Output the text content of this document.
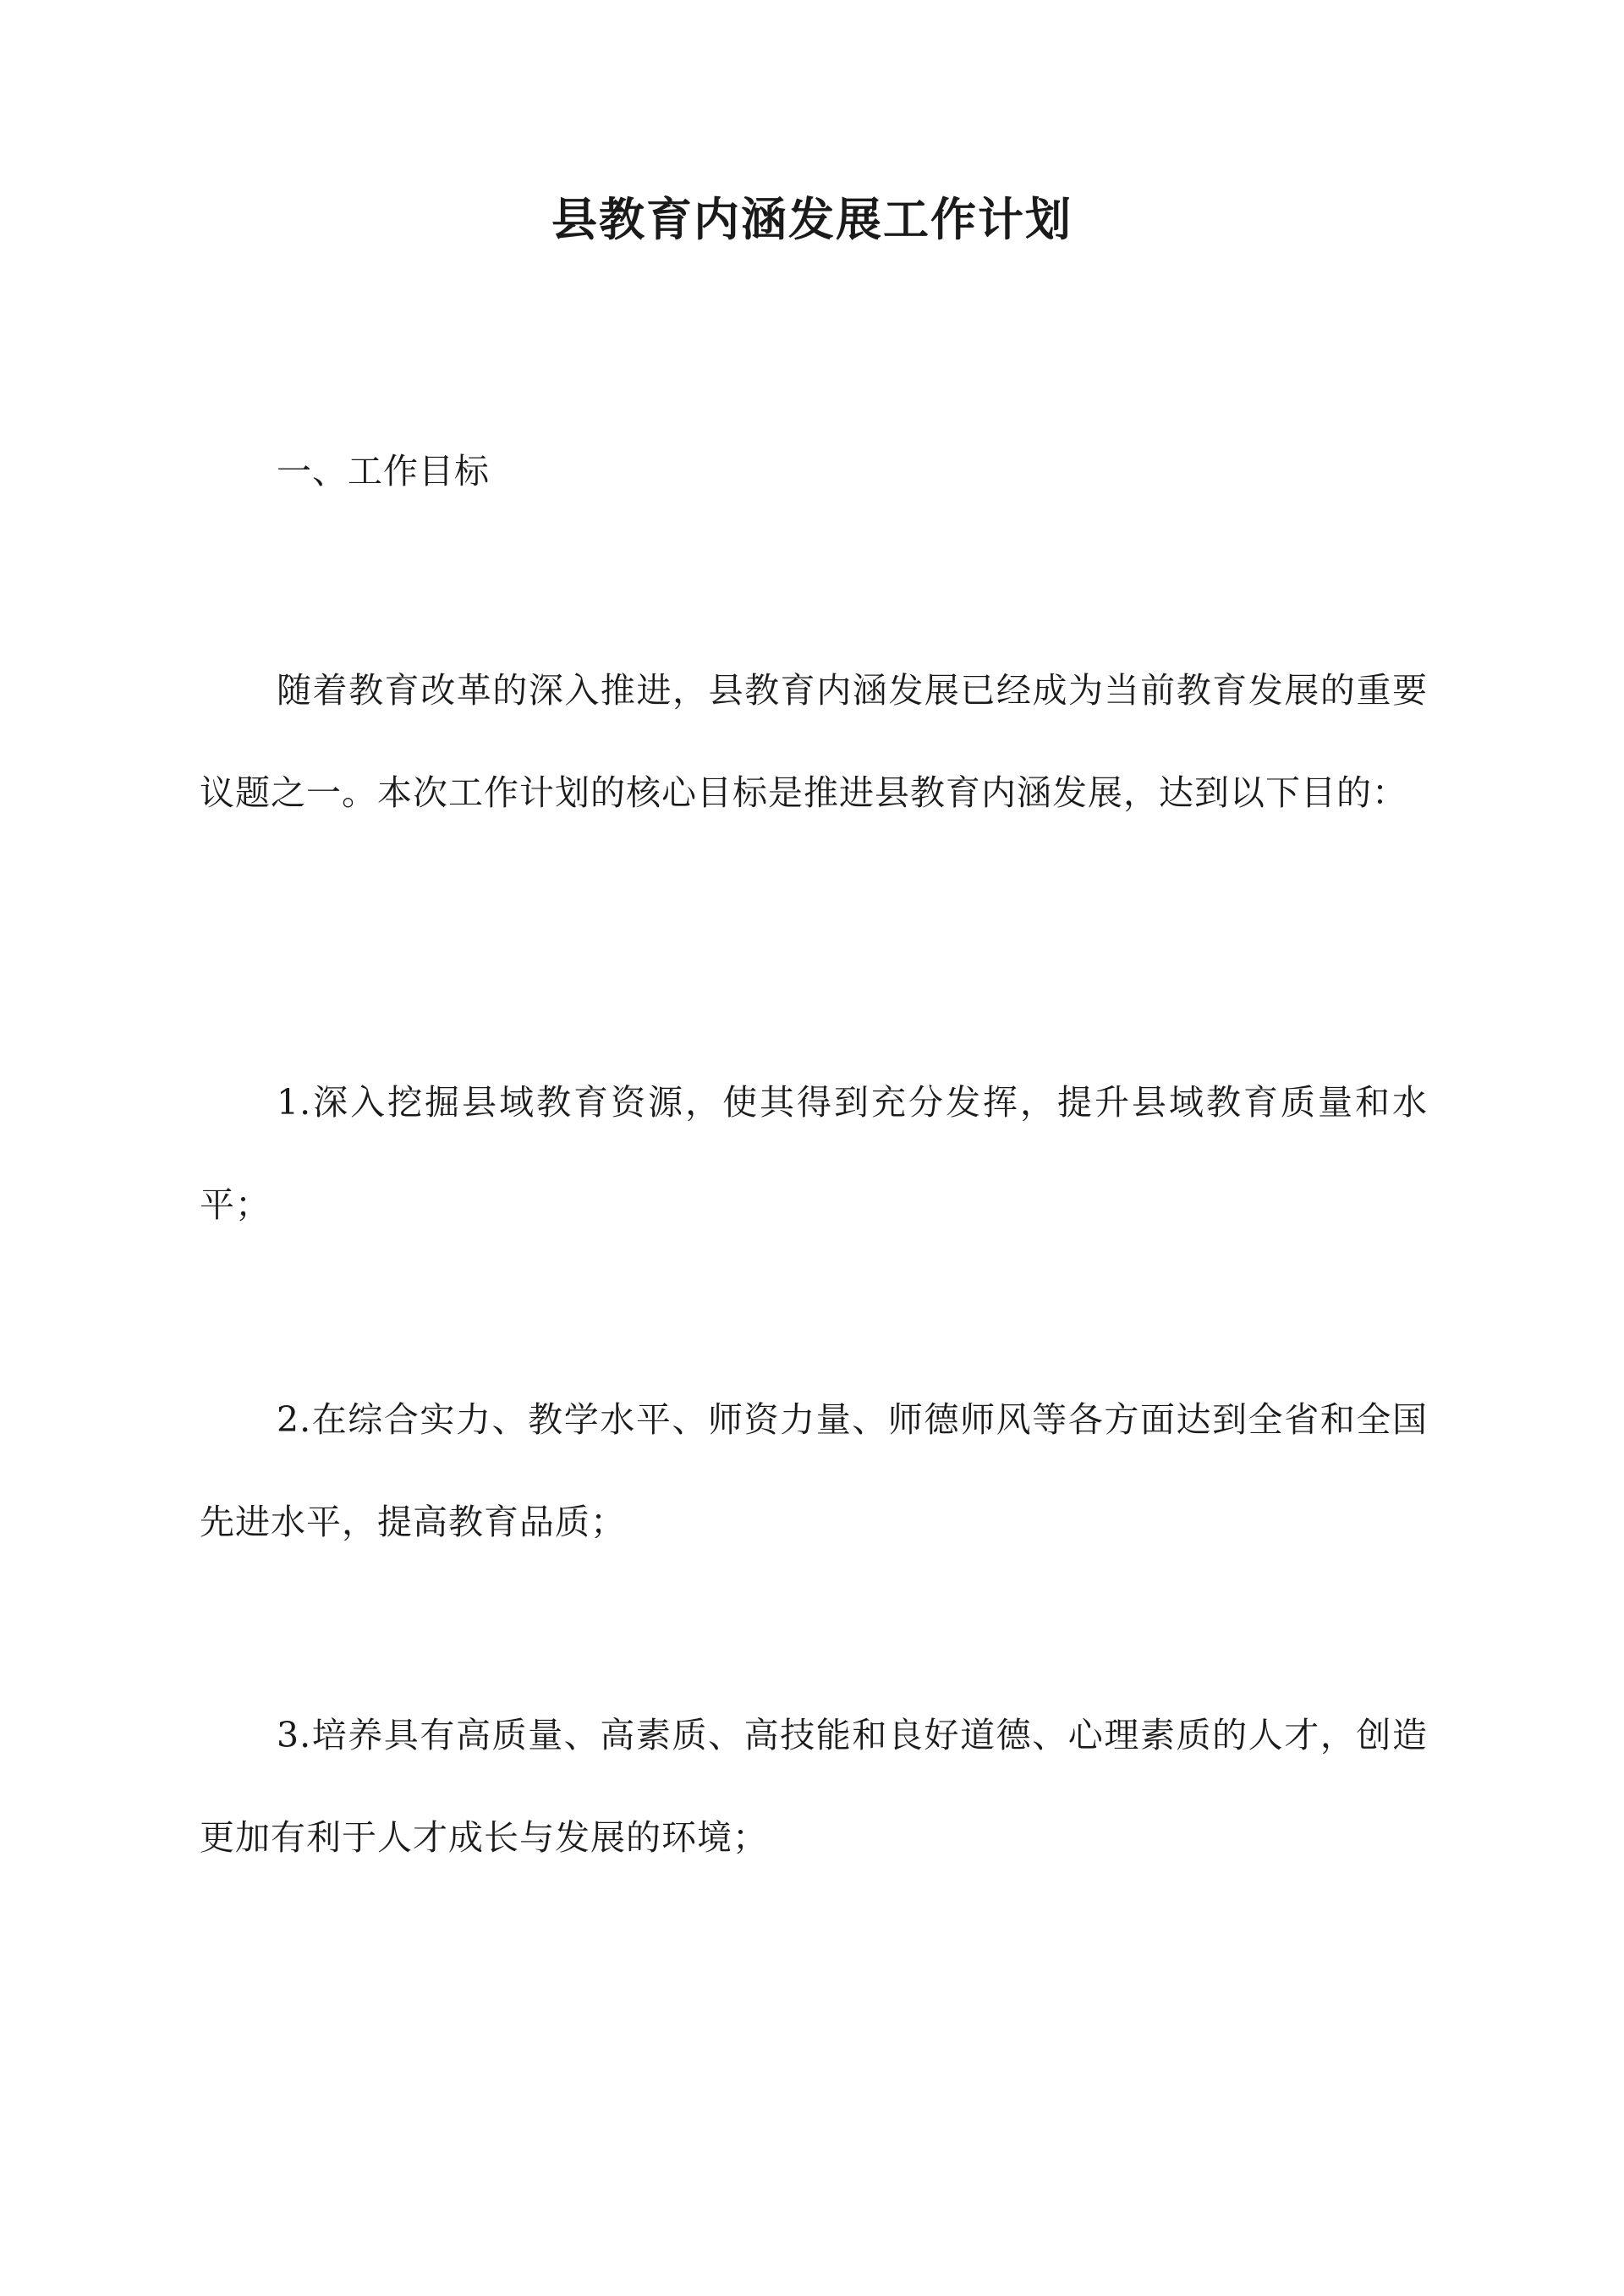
县教育内涵发展工作计划

一、工作目标

随着教育改革的深入推进，县教育内涵发展已经成为当前教育发展的重要议题之一。本次工作计划的核心目标是推进县教育内涵发展，达到以下目的：

1.深入挖掘县域教育资源，使其得到充分发挥，提升县域教育质量和水平；

2.在综合实力、教学水平、师资力量、师德师风等各方面达到全省和全国先进水平，提高教育品质；

3.培养具有高质量、高素质、高技能和良好道德、心理素质的人才，创造更加有利于人才成长与发展的环境；
